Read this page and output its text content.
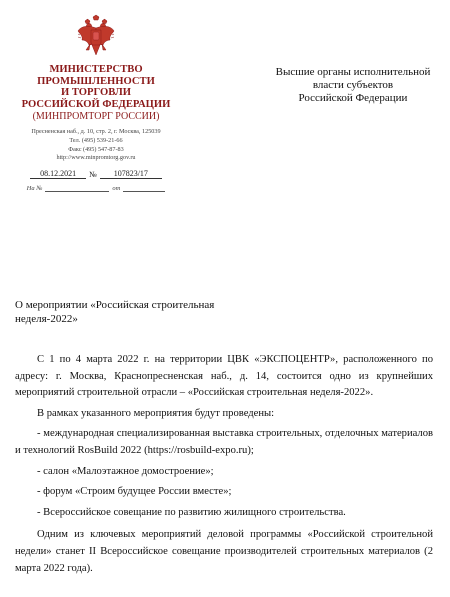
МИНИСТЕРСТВО
ПРОМЫШЛЕННОСТИ
И ТОРГОВЛИ
РОССИЙСКОЙ ФЕДЕРАЦИИ
(МИНПРОМТОРГ РОССИИ)
Пресненская наб., д. 10, стр. 2, г. Москва, 125039
Тел. (495) 539-21-66
Факс (495) 547-87-83
http://www.minpromtorg.gov.ru
08.12.2021	№	107823/17
На №	от
Высшие органы исполнительной
власти субъектов
Российской Федерации
О мероприятии «Российская строительная
неделя-2022»

С 1 по 4 марта 2022 г. на территории ЦВК «ЭКСПОЦЕНТР», расположенного по адресу: г. Москва, Краснопресненская наб., д. 14, состоится одно из крупнейших мероприятий строительной отрасли – «Российская строительная неделя-2022».

В рамках указанного мероприятия будут проведены:

- международная специализированная выставка строительных, отделочных материалов и технологий RosBuild 2022 (https://rosbuild-expo.ru);

- салон «Малоэтажное домостроение»;

- форум «Строим будущее России вместе»;

- Всероссийское совещание по развитию жилищного строительства.

Одним из ключевых мероприятий деловой программы «Российской строительной недели» станет II Всероссийское совещание производителей строительных материалов (2 марта 2022 года).
